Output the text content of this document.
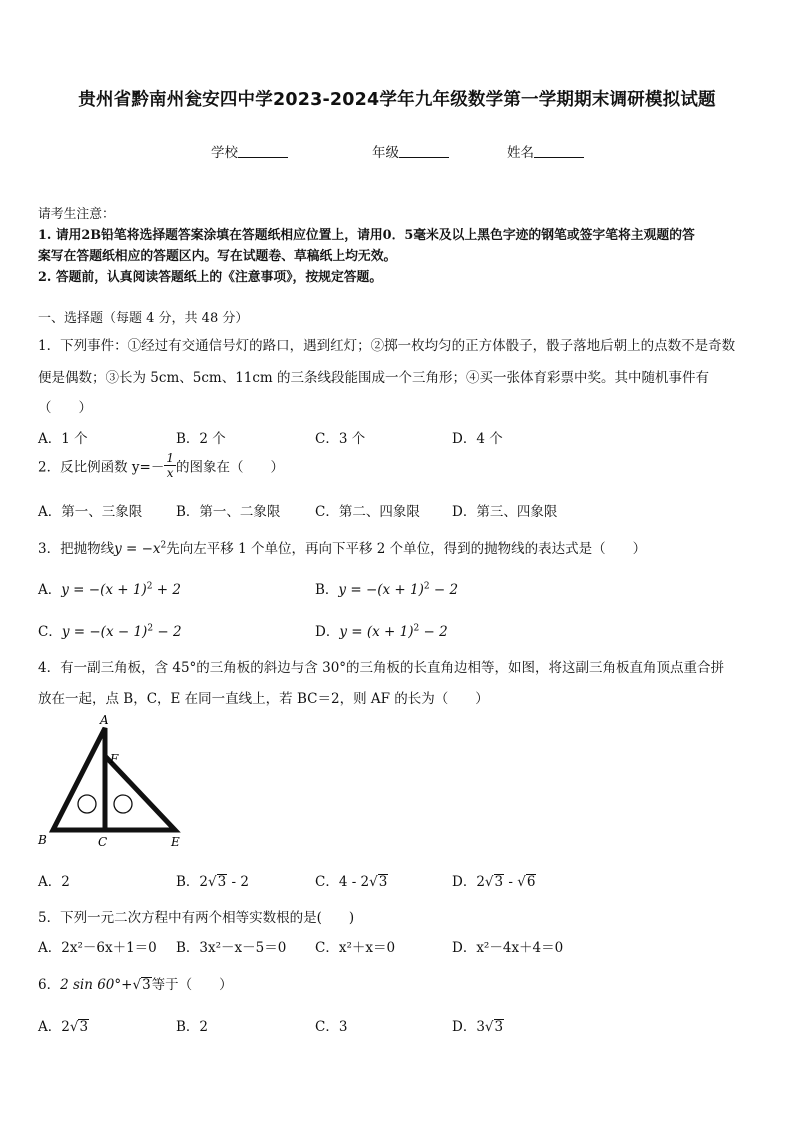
贵州省黔南州瓮安四中学2023-2024学年九年级数学第一学期期末调研模拟试题
学校	年级	姓名
请考生注意：
1. 请用2B铅笔将选择题答案涂填在答题纸相应位置上，请用0．5毫米及以上黑色字迹的钢笔或签字笔将主观题的答
案写在答题纸相应的答题区内。写在试题卷、草稿纸上均无效。
2. 答题前，认真阅读答题纸上的《注意事项》，按规定答题。
一、选择题（每题 4 分，共 48 分）
1．下列事件：①经过有交通信号灯的路口，遇到红灯；②掷一枚均匀的正方体骰子，骰子落地后朝上的点数不是奇数
便是偶数；③长为 5cm、5cm、11cm 的三条线段能围成一个三角形；④买一张体育彩票中奖。其中随机事件有
（　　）
A．1 个	B．2 个	C．3 个	D．4 个
2．反比例函数 $y=- \frac{1}{x}$ 的图象在（　　）
A．第一、三象限	B．第一、二象限	C．第二、四象限 D．第三、四象限
3．把抛物线$y = -x^2$先向左平移 1 个单位，再向下平移 2 个单位，得到的抛物线的表达式是（　　）
A．$y = -(x + 1)^2 + 2$	B．$y = -(x + 1)^2 - 2$
C．$y = -(x - 1)^2 - 2$	D．$y = (x + 1)^2 - 2$
4．有一副三角板，含 45°的三角板的斜边与含 30°的三角板的长直角边相等，如图，将这副三角板直角顶点重合拼
放在一起，点 B，C，E 在同一直线上，若 BC＝2，则 AF 的长为（　　）
A
F
B	C	E
A．2	B．2√3 - 2	C．4 - 2√3	D．2√3 - √6
5．下列一元二次方程中有两个相等实数根的是(　　)
A．2x²－6x＋1＝0 B．3x²－x－5＝0 C．x²＋x＝0	D．x²－4x＋4＝0
6．2 sin 60°+√3等于（　　）
A．2√3	B．2	C．3	D．3√3
